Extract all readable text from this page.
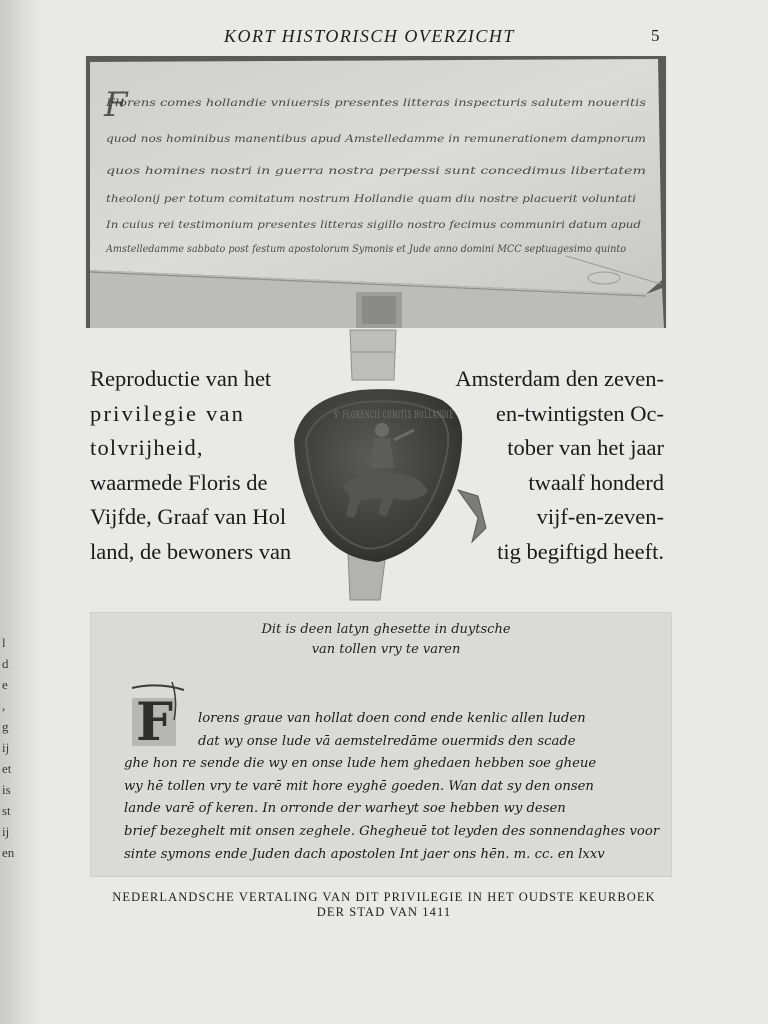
l
d
e
,
g
ij
et
is
st
ij
en
KORT HISTORISCH OVERZICHT	5
Florens comes hollandie vniuersis presentes litteras inspecturis salutem noueritis
quod nos hominibus manentibus apud Amstelledamme in remunerationem dampnorum
quos homines nostri in guerra nostra perpessi sunt concedimus libertatem
theolonij per totum comitatum nostrum Hollandie quam diu nostre placuerit voluntati
In cuius rei testimonium presentes litteras sigillo nostro fecimus communiri datum apud
Amstelledamme sabbato post festum apostolorum Symonis et Jude anno domini MCC septuagesimo quinto
F
S' FLORENCII COMITIS HOLLANDIE
Reproductie van het
privilegie van
tolvrijheid,
waarmede Floris de
Vijfde, Graaf van Hol
land, de bewoners van
Amsterdam den zeven-
en-twintigsten Oc-
tober van het jaar
twaalf honderd
vijf-en-zeven-
tig begiftigd heeft.
Dit is deen latyn ghesette in duytsche
van tollen vry te varen
F	lorens graue van hollat doen cond ende kenlic allen luden
dat wy onse lude vā aemstelredāme ouermids den scade
ghe hon re sende die wy en onse lude hem ghedaen hebben soe gheue
wy hē tollen vry te varē mit hore eyghē goeden. Wan dat sy den onsen
lande varē of keren. In orronde der warheyt soe hebben wy desen
brief bezeghelt mit onsen zeghele. Ghegheuē tot leyden des sonnendaghes voor
sinte symons ende Juden dach apostolen Int jaer ons hēn. m. cc. en lxxv
NEDERLANDSCHE VERTALING VAN DIT PRIVILEGIE IN HET OUDSTE KEURBOEK
DER STAD VAN 1411
